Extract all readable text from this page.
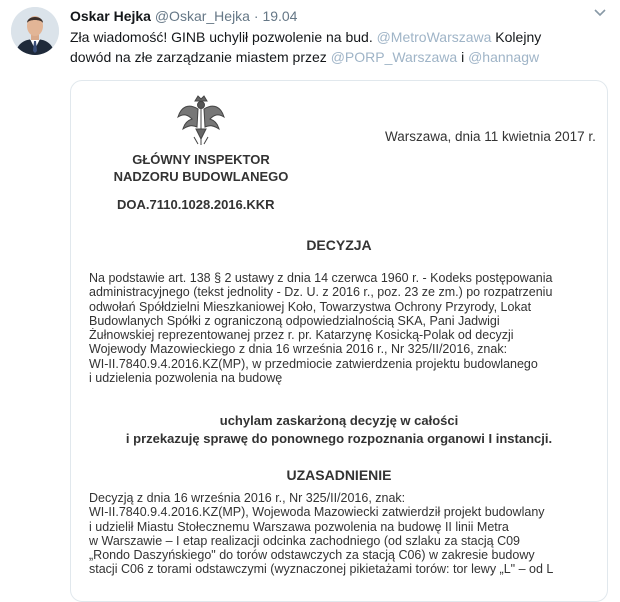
Oskar Hejka @Oskar_Hejka · 19.04
Zła wiadomość! GINB uchylił pozwolenie na bud. @MetroWarszawa Kolejny
dowód na złe zarządzanie miastem przez @PORP_Warszawa i @hannagw
GŁÓWNY INSPEKTOR
NADZORU BUDOWLANEGO
Warszawa, dnia 11 kwietnia 2017 r.
DOA.7110.1028.2016.KKR
DECYZJA
Na podstawie art. 138 § 2 ustawy z dnia 14 czerwca 1960 r. - Kodeks postępowania
administracyjnego (tekst jednolity - Dz. U. z 2016 r., poz. 23 ze zm.) po rozpatrzeniu
odwołań Spółdzielni Mieszkaniowej Koło, Towarzystwa Ochrony Przyrody, Lokat
Budowlanych Spółki z ograniczoną odpowiedzialnością SKA, Pani Jadwigi
Żułnowskiej reprezentowanej przez r. pr. Katarzynę Kosicką-Polak od decyzji
Wojewody Mazowieckiego z dnia 16 września 2016 r., Nr 325/II/2016, znak:
WI-II.7840.9.4.2016.KZ(MP), w przedmiocie zatwierdzenia projektu budowlanego
i udzielenia pozwolenia na budowę
uchylam zaskarżoną decyzję w całości
i przekazuję sprawę do ponownego rozpoznania organowi I instancji.
UZASADNIENIE
Decyzją z dnia 16 września 2016 r., Nr 325/II/2016, znak:
WI-II.7840.9.4.2016.KZ(MP), Wojewoda Mazowiecki zatwierdził projekt budowlany
i udzielił Miastu Stołecznemu Warszawa pozwolenia na budowę II linii Metra
w Warszawie – I etap realizacji odcinka zachodniego (od szlaku za stacją C09
„Rondo Daszyńskiego" do torów odstawczych za stacją C06) w zakresie budowy
stacji C06 z torami odstawczymi (wyznaczonej pikietażami torów: tor lewy „L" – od L
